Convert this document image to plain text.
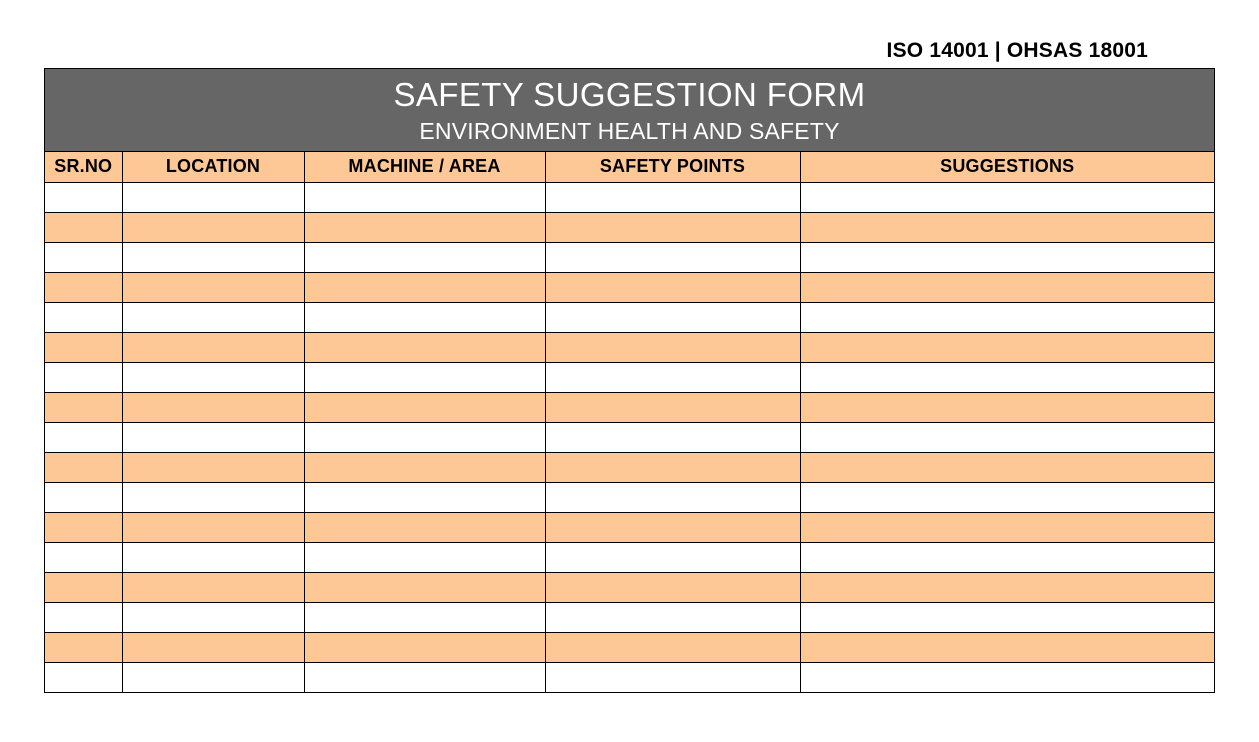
ISO 14001 | OHSAS 18001
SAFETY SUGGESTION FORM
ENVIRONMENT HEALTH AND SAFETY
SR.NO	LOCATION	MACHINE / AREA	SAFETY POINTS	SUGGESTIONS
